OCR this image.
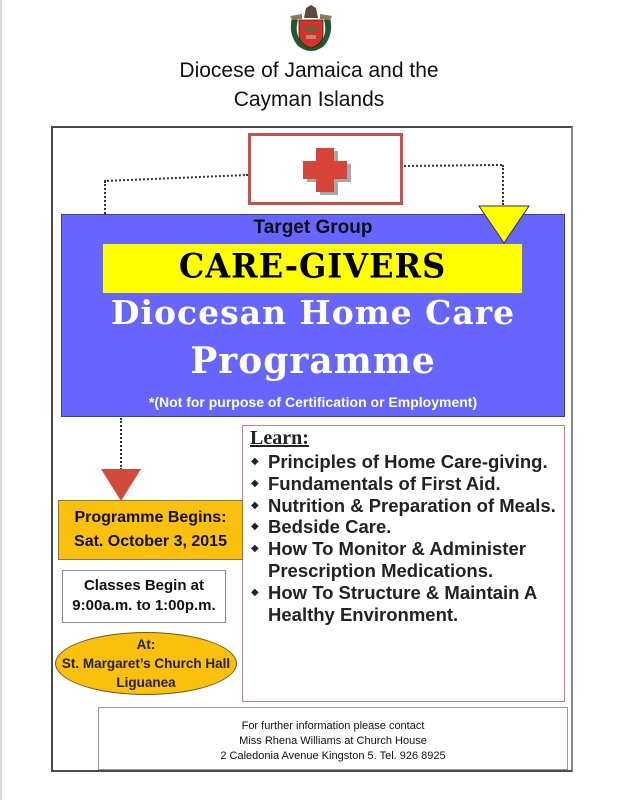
Diocese of Jamaica and the
Cayman Islands
Target Group
CARE-GIVERS
Diocesan Home Care
Programme
*(Not for purpose of Certification or Employment)
Learn:
◆ Principles of Home Care-giving.
◆ Fundamentals of First Aid.
◆ Nutrition & Preparation of Meals.
◆ Bedside Care.
◆ How To Monitor & Administer Prescription Medications.
◆ How To Structure & Maintain A Healthy Environment.
Programme Begins:
Sat. October 3, 2015
Classes Begin at
9:00a.m. to 1:00p.m.
At:
St. Margaret’s Church Hall
Liguanea
For further information please contact
Miss Rhena Williams at Church House
2 Caledonia Avenue Kingston 5. Tel. 926 8925
